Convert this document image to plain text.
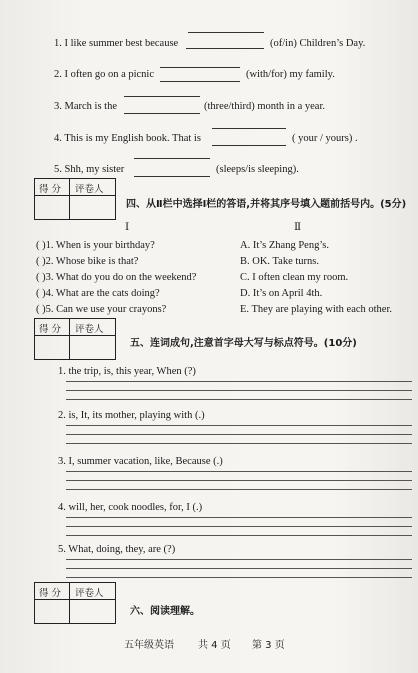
1. I like summer best because	(of/in) Children’s Day.
2. I often go on a picnic	(with/for) my family.
3. March is the	(three/third) month in a year.
4. This is my English book. That is	( your / yours) .
5. Shh, my sister	(sleeps/is sleeping).
得 分 评卷人
四、从Ⅱ栏中选择Ⅰ栏的答语,并将其序号填入题前括号内。(5分)
Ⅰ	Ⅱ
( )1. When is your birthday?
( )2. Whose bike is that?
( )3. What do you do on the weekend?
( )4. What are the cats doing?
( )5. Can we use your crayons?
A. It’s Zhang Peng’s.
B. OK. Take turns.
C. I often clean my room.
D. It’s on April 4th.
E. They are playing with each other.
得 分 评卷人
五、连词成句,注意首字母大写与标点符号。(10分)
1. the trip, is, this year, When (?)
2. is, It, its mother, playing with (.)
3. I, summer vacation, like, Because (.)
4. will, her, cook noodles, for, I (.)
5. What, doing, they, are (?)
得 分 评卷人
六、阅读理解。
五年级英语 共 4 页 第 3 页
